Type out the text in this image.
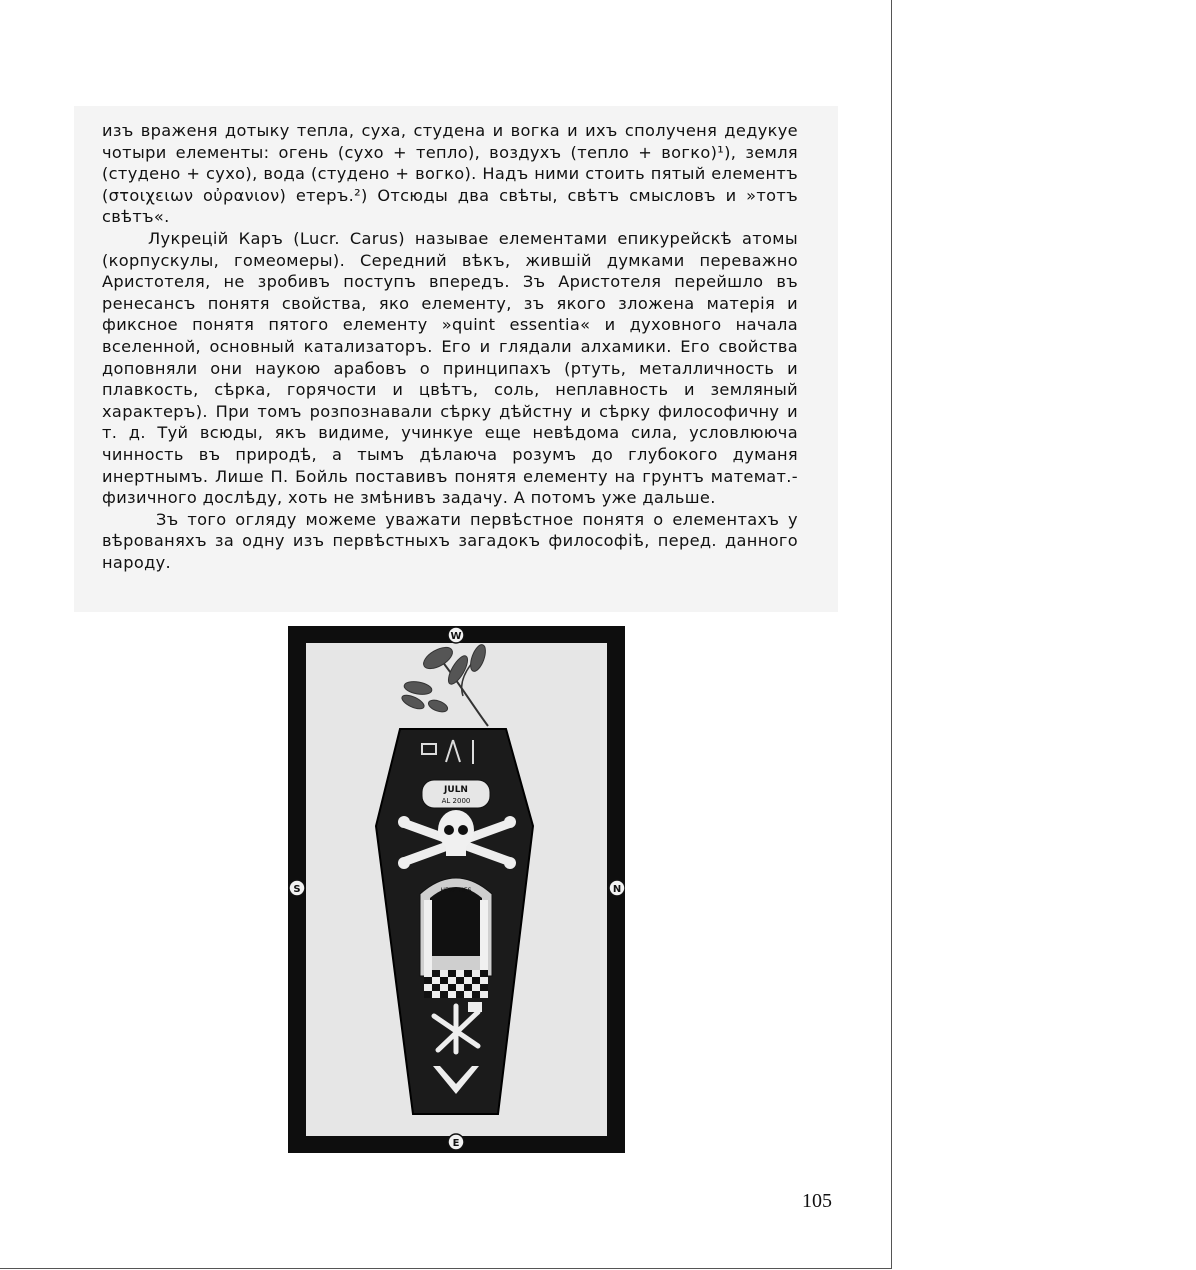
изъ враженя дотыку тепла, суха, студена и вогка и ихъ сполученя дедукуе чотыри елементы: огень (сухо + тепло), воздухъ (тепло + вогко)¹), земля (студено + сухо), вода (студено + вогко). Надъ ними стоить пятый елементъ (στοιχειων οὐρανιον) етеръ.²) Отсюды два свѣты, свѣтъ смысловъ и »тотъ свѣтъ«.

Лукрецій Каръ (Lucr. Carus) называе елементами епикурейскѣ атомы (корпускулы, гомеомеры). Середний вѣкъ, жившій думками переважно Аристотеля, не зробивъ поступъ впередъ. Зъ Аристотеля перейшло въ ренесансъ понятя свойства, яко елементу, зъ якого зложена матерія и фиксное понятя пятого елементу »quint essentia« и духовного начала вселенной, основный катализаторъ. Его и глядали алхамики. Его свойства доповняли они наукою арабовъ о принципахъ (ртуть, металличность и плавкость, сѣрка, горячости и цвѣтъ, соль, неплавность и земляный характеръ). При томъ розпознавали сѣрку дѣйстну и сѣрку философичну и т. д. Туй всюды, якъ видиме, учинкуе еще невѣдома сила, условлююча чинность въ природѣ, а тымъ дѣлаюча розумъ до глубокого думаня инертнымъ. Лише П. Бойль поставивъ понятя елементу на грунтъ математ.-физичного дослѣду, хоть не змѣнивъ задачу. А потомъ уже дальше.

Зъ того огляду можеме уважати первѣстное понятя о елементахъ у вѣрованяхъ за одну изъ первѣстныхъ загадокъ философіѣ, перед. данного народу.

W
S	N
E
JULN
AL 2000
HERE LIES
105
